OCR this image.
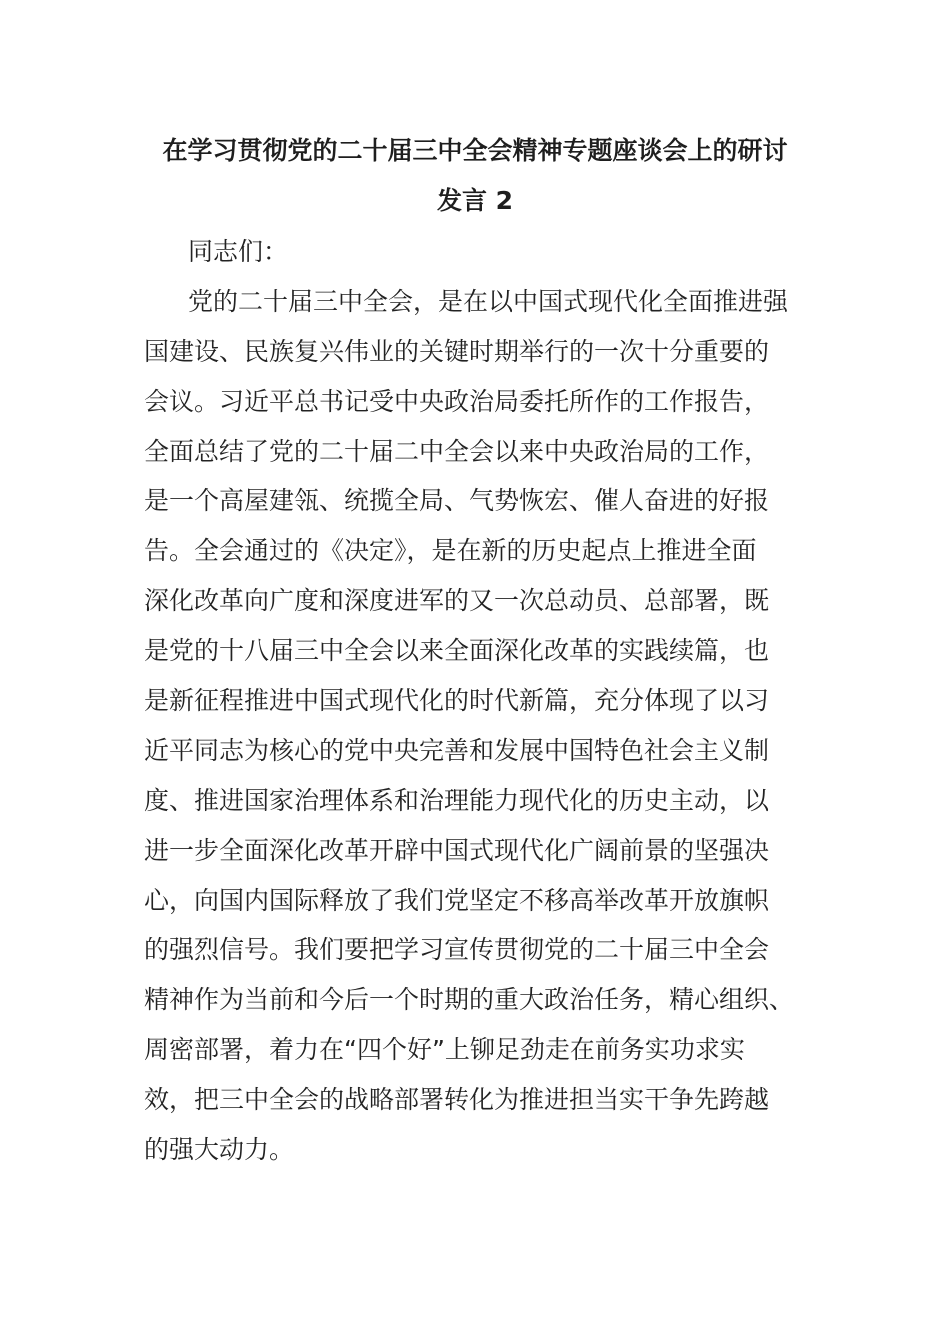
在学习贯彻党的二十届三中全会精神专题座谈会上的研讨
发言 2
同志们：
党的二十届三中全会，是在以中国式现代化全面推进强
国建设、民族复兴伟业的关键时期举行的一次十分重要的
会议。习近平总书记受中央政治局委托所作的工作报告，
全面总结了党的二十届二中全会以来中央政治局的工作，
是一个高屋建瓴、统揽全局、气势恢宏、催人奋进的好报
告。全会通过的《决定》，是在新的历史起点上推进全面
深化改革向广度和深度进军的又一次总动员、总部署，既
是党的十八届三中全会以来全面深化改革的实践续篇，也
是新征程推进中国式现代化的时代新篇，充分体现了以习
近平同志为核心的党中央完善和发展中国特色社会主义制
度、推进国家治理体系和治理能力现代化的历史主动，以
进一步全面深化改革开辟中国式现代化广阔前景的坚强决
心，向国内国际释放了我们党坚定不移高举改革开放旗帜
的强烈信号。我们要把学习宣传贯彻党的二十届三中全会
精神作为当前和今后一个时期的重大政治任务，精心组织、
周密部署，着力在“四个好”上铆足劲走在前务实功求实
效，把三中全会的战略部署转化为推进担当实干争先跨越
的强大动力。
